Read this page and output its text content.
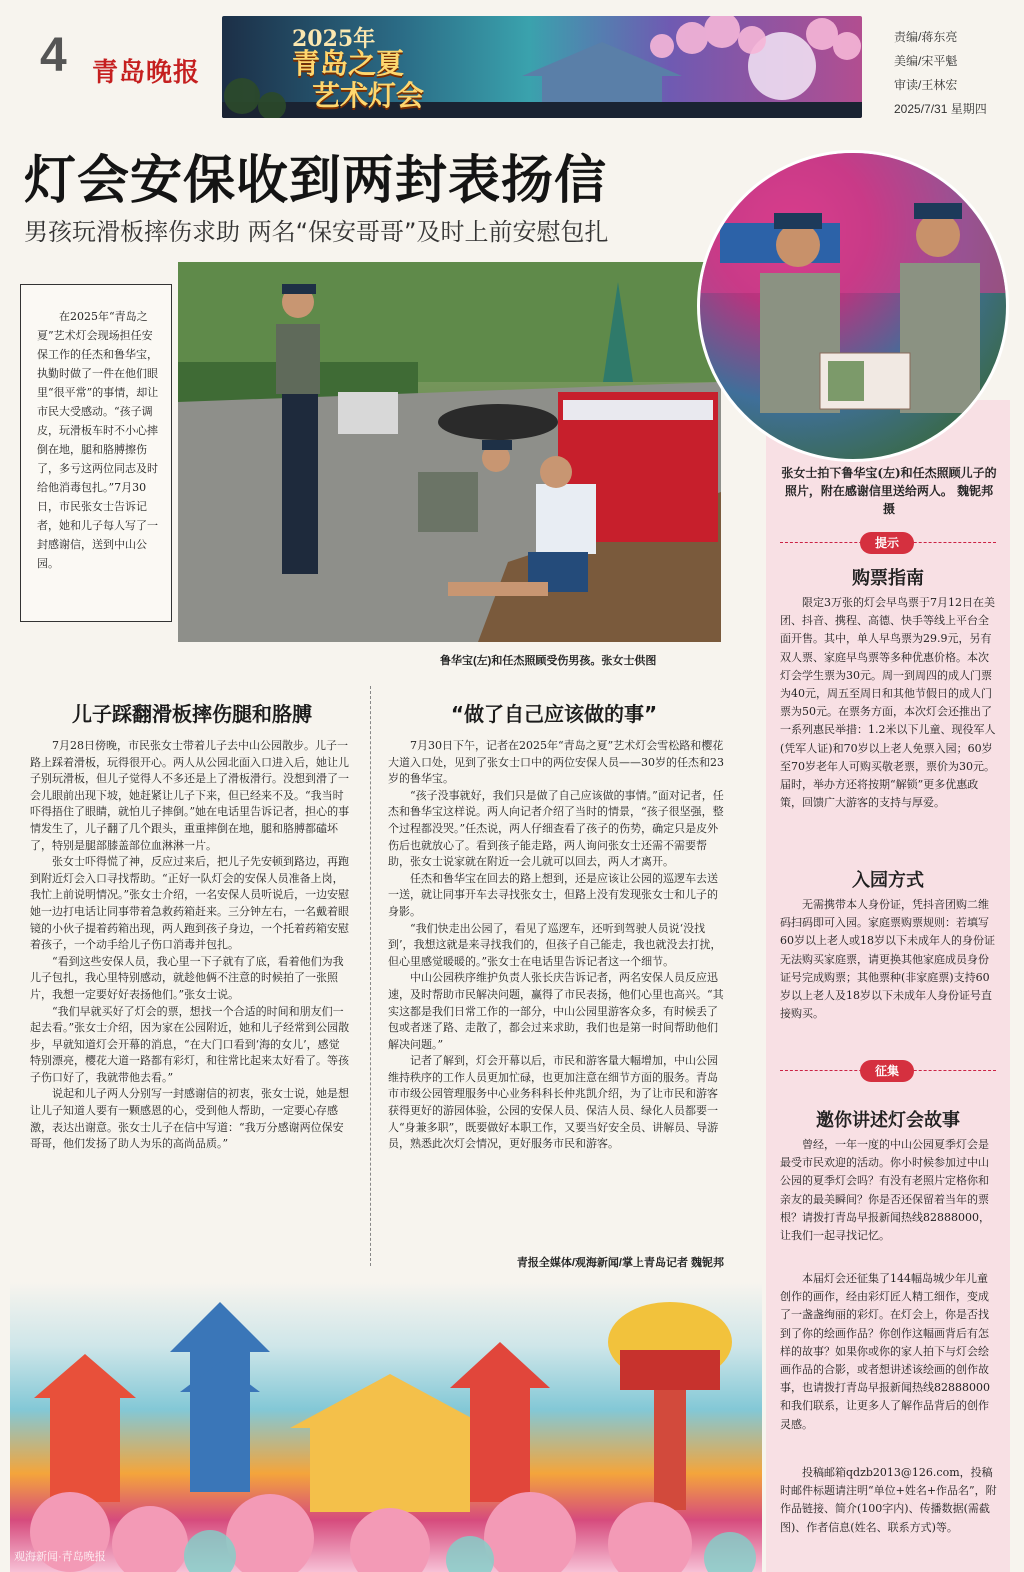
4 青岛晚报
2025年
青岛之夏
艺术灯会
责编/蒋东亮
美编/宋平魁
审读/王林宏
2025/7/31 星期四
灯会安保收到两封表扬信
男孩玩滑板摔伤求助 两名“保安哥哥”及时上前安慰包扎
在2025年“青岛之夏”艺术灯会现场担任安保工作的任杰和鲁华宝，执勤时做了一件在他们眼里“很平常”的事情，却让市民大受感动。“孩子调皮，玩滑板车时不小心摔倒在地，腿和胳膊擦伤了，多亏这两位同志及时给他消毒包扎。”7月30日，市民张女士告诉记者，她和儿子每人写了一封感谢信，送到中山公园。
鲁华宝(左)和任杰照顾受伤男孩。张女士供图
张女士拍下鲁华宝(左)和任杰照顾儿子的照片，附在感谢信里送给两人。 魏铌邦 摄
提示
购票指南

限定3万张的灯会早鸟票于7月12日在美团、抖音、携程、高德、快手等线上平台全面开售。其中，单人早鸟票为29.9元，另有双人票、家庭早鸟票等多种优惠价格。本次灯会学生票为30元。周一到周四的成人门票为40元，周五至周日和其他节假日的成人门票为50元。在票务方面，本次灯会还推出了一系列惠民举措：1.2米以下儿童、现役军人(凭军人证)和70岁以上老人免票入园；60岁至70岁老年人可购买敬老票，票价为30元。届时，举办方还将按期“解锁”更多优惠政策，回馈广大游客的支持与厚爱。

入园方式

无需携带本人身份证，凭抖音团购二维码扫码即可入园。家庭票购票规则：若填写60岁以上老人或18岁以下未成年人的身份证无法购买家庭票，请更换其他家庭成员身份证号完成购票；其他票种(非家庭票)支持60岁以上老人及18岁以下未成年人身份证号直接购买。

征集
邀你讲述灯会故事

曾经，一年一度的中山公园夏季灯会是最受市民欢迎的活动。你小时候参加过中山公园的夏季灯会吗？有没有老照片定格你和亲友的最美瞬间？你是否还保留着当年的票根？请拨打青岛早报新闻热线82888000，让我们一起寻找记忆。

本届灯会还征集了144幅岛城少年儿童创作的画作，经由彩灯匠人精工细作，变成了一盏盏绚丽的彩灯。在灯会上，你是否找到了你的绘画作品？你创作这幅画背后有怎样的故事？如果你或你的家人拍下与灯会绘画作品的合影，或者想讲述该绘画的创作故事，也请拨打青岛早报新闻热线82888000和我们联系，让更多人了解作品背后的创作灵感。

投稿邮箱qdzb2013@126.com，投稿时邮件标题请注明“单位+姓名+作品名”，附作品链接、简介(100字内)、传播数据(需截图)、作者信息(姓名、联系方式)等。

儿子踩翻滑板摔伤腿和胳膊

7月28日傍晚，市民张女士带着儿子去中山公园散步。儿子一路上踩着滑板，玩得很开心。两人从公园北面入口进入后，她让儿子别玩滑板，但儿子觉得人不多还是上了滑板滑行。没想到滑了一会儿眼前出现下坡，她赶紧让儿子下来，但已经来不及。“我当时吓得捂住了眼睛，就怕儿子摔倒。”她在电话里告诉记者，担心的事情发生了，儿子翻了几个跟头，重重摔倒在地，腿和胳膊都磕坏了，特别是腿部膝盖部位血淋淋一片。

张女士吓得慌了神，反应过来后，把儿子先安顿到路边，再跑到附近灯会入口寻找帮助。“正好一队灯会的安保人员准备上岗，我忙上前说明情况。”张女士介绍，一名安保人员听说后，一边安慰她一边打电话让同事带着急救药箱赶来。三分钟左右，一名戴着眼镜的小伙子提着药箱出现，两人跑到孩子身边，一个托着药箱安慰着孩子，一个动手给儿子伤口消毒并包扎。

“看到这些安保人员，我心里一下子就有了底，看着他们为我儿子包扎，我心里特别感动，就趁他俩不注意的时候拍了一张照片，我想一定要好好表扬他们。”张女士说。

“我们早就买好了灯会的票，想找一个合适的时间和朋友们一起去看。”张女士介绍，因为家在公园附近，她和儿子经常到公园散步，早就知道灯会开幕的消息，“在大门口看到‘海的女儿’，感觉特别漂亮，樱花大道一路都有彩灯，和往常比起来太好看了。等孩子伤口好了，我就带他去看。”

说起和儿子两人分别写一封感谢信的初衷，张女士说，她是想让儿子知道人要有一颗感恩的心，受到他人帮助，一定要心存感激，表达出谢意。张女士儿子在信中写道：“我万分感谢两位保安哥哥，他们发扬了助人为乐的高尚品质。”

“做了自己应该做的事”

7月30日下午，记者在2025年“青岛之夏”艺术灯会雪松路和樱花大道入口处，见到了张女士口中的两位安保人员——30岁的任杰和23岁的鲁华宝。

“孩子没事就好，我们只是做了自己应该做的事情。”面对记者，任杰和鲁华宝这样说。两人向记者介绍了当时的情景，“孩子很坚强，整个过程都没哭。”任杰说，两人仔细查看了孩子的伤势，确定只是皮外伤后也就放心了。看到孩子能走路，两人询问张女士还需不需要帮助，张女士说家就在附近一会儿就可以回去，两人才离开。

任杰和鲁华宝在回去的路上想到，还是应该让公园的巡逻车去送一送，就让同事开车去寻找张女士，但路上没有发现张女士和儿子的身影。

“我们快走出公园了，看见了巡逻车，还听到驾驶人员说‘没找到’，我想这就是来寻找我们的，但孩子自己能走，我也就没去打扰，但心里感觉暖暖的。”张女士在电话里告诉记者这一个细节。

中山公园秩序维护负责人张长庆告诉记者，两名安保人员反应迅速，及时帮助市民解决问题，赢得了市民表扬，他们心里也高兴。“其实这都是我们日常工作的一部分，中山公园里游客众多，有时候丢了包或者迷了路、走散了，都会过来求助，我们也是第一时间帮助他们解决问题。”

记者了解到，灯会开幕以后，市民和游客量大幅增加，中山公园维持秩序的工作人员更加忙碌，也更加注意在细节方面的服务。青岛市市级公园管理服务中心业务科科长仲兆凯介绍，为了让市民和游客获得更好的游园体验，公园的安保人员、保洁人员、绿化人员都要一人“身兼多职”，既要做好本职工作，又要当好安全员、讲解员、导游员，熟悉此次灯会情况，更好服务市民和游客。

青报全媒体/观海新闻/掌上青岛记者 魏铌邦
观海新闻·青岛晚报
